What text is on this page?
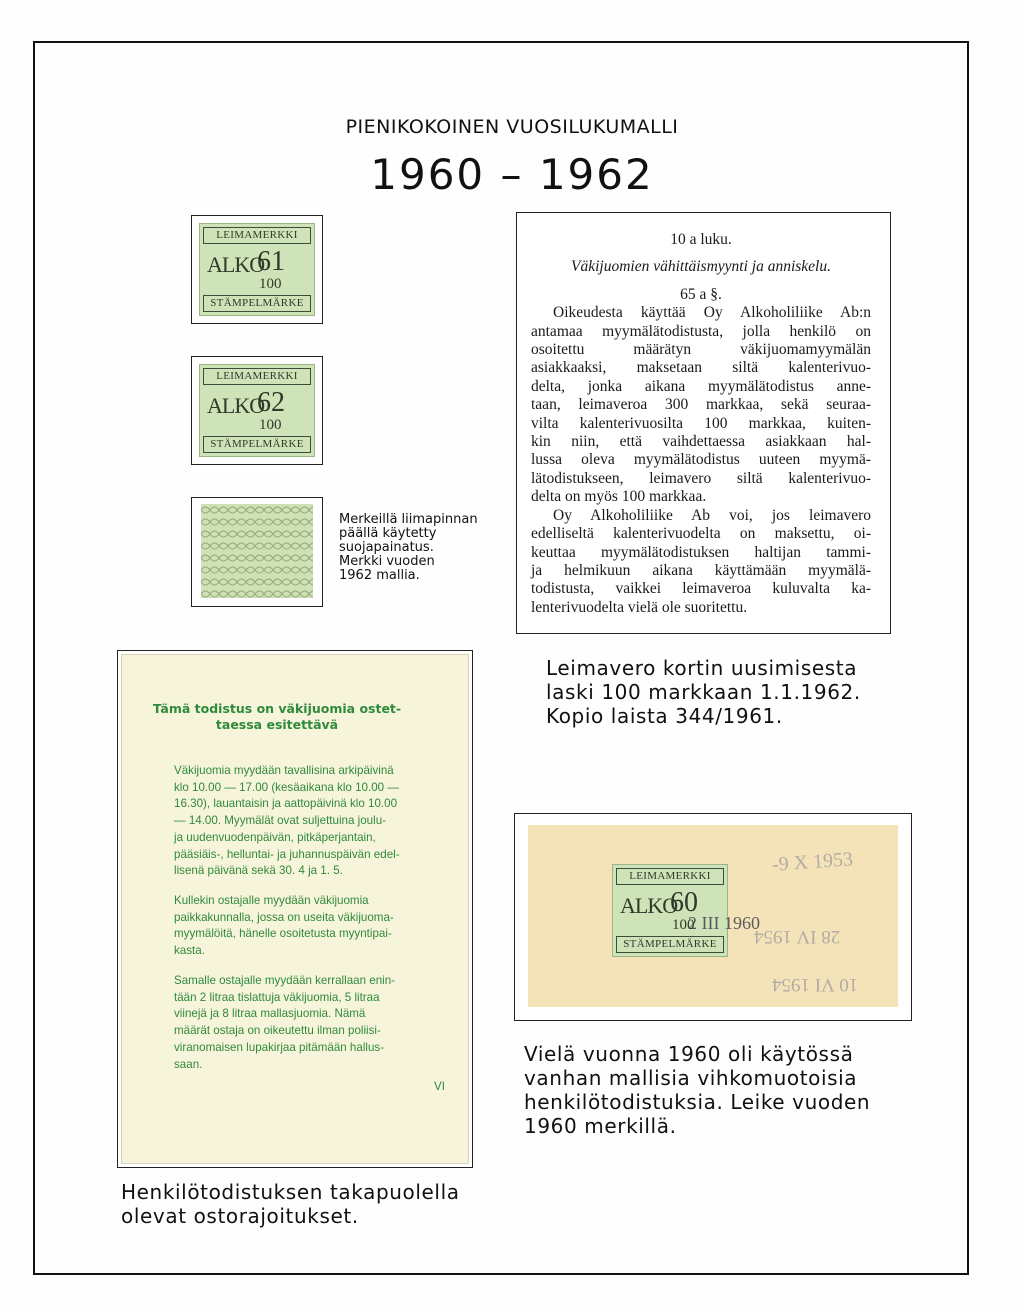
PIENIKOKOINEN VUOSILUKUMALLI
1960 – 1962
LEIMAMERKKI
ALKO
61
100
STÄMPELMÄRKE
LEIMAMERKKI
ALKO
62
100
STÄMPELMÄRKE
Merkeillä liimapinnan
päällä käytetty
suojapainatus.
Merkki vuoden
1962 mallia.
10 a luku.
Väkijuomien vähittäismyynti ja anniskelu.
65 a §.
Oikeudesta käyttää Oy Alkoholiliike Ab:n
antamaa myymälätodistusta, jolla henkilö on
osoitettu määrätyn väkijuomamyymälän
asiakkaaksi, maksetaan siltä kalenterivuo-
delta, jonka aikana myymälätodistus anne-
taan, leimaveroa 300 markkaa, sekä seuraa-
vilta kalenterivuosilta 100 markkaa, kuiten-
kin niin, että vaihdettaessa asiakkaan hal-
lussa oleva myymälätodistus uuteen myymä-
lätodistukseen, leimavero siltä kalenterivuo-
delta on myös 100 markkaa.
Oy Alkoholiliike Ab voi, jos leimavero
edelliseltä kalenterivuodelta on maksettu, oi-
keuttaa myymälätodistuksen haltijan tammi-
ja helmikuun aikana käyttämään myymälä-
todistusta, vaikkei leimaveroa kuluvalta ka-
lenterivuodelta vielä ole suoritettu.
Leimavero kortin uusimisesta
laski 100 markkaan 1.1.1962.
Kopio laista 344/1961.
Tämä todistus on väkijuomia ostet-
taessa esitettävä
Väkijuomia myydään tavallisina arkipäivinä
klo 10.00 — 17.00 (kesäaikana klo 10.00 —
16.30), lauantaisin ja aattopäivinä klo 10.00
— 14.00. Myymälät ovat suljettuina joulu-
ja uudenvuodenpäivän, pitkäperjantain,
pääsiäis-, helluntai- ja juhannuspäivän edel-
lisenä päivänä sekä 30. 4 ja 1. 5.
Kullekin ostajalle myydään väkijuomia
paikkakunnalla, jossa on useita väkijuoma-
myymälöitä, hänelle osoitetusta myyntipai-
kasta.
Samalle ostajalle myydään kerrallaan enin-
tään 2 litraa tislattuja väkijuomia, 5 litraa
viinejä ja 8 litraa mallasjuomia. Nämä
määrät ostaja on oikeutettu ilman poliisi-
viranomaisen lupakirjaa pitämään hallus-
saan.
VI
Henkilötodistuksen takapuolella
olevat ostorajoitukset.
-9 X 1953
28 IV 1954
10 VI 1954
LEIMAMERKKI
ALKO
60
100
STÄMPELMÄRKE
2 III 1960
Vielä vuonna 1960 oli käytössä
vanhan mallisia vihkomuotoisia
henkilötodistuksia. Leike vuoden
1960 merkillä.
